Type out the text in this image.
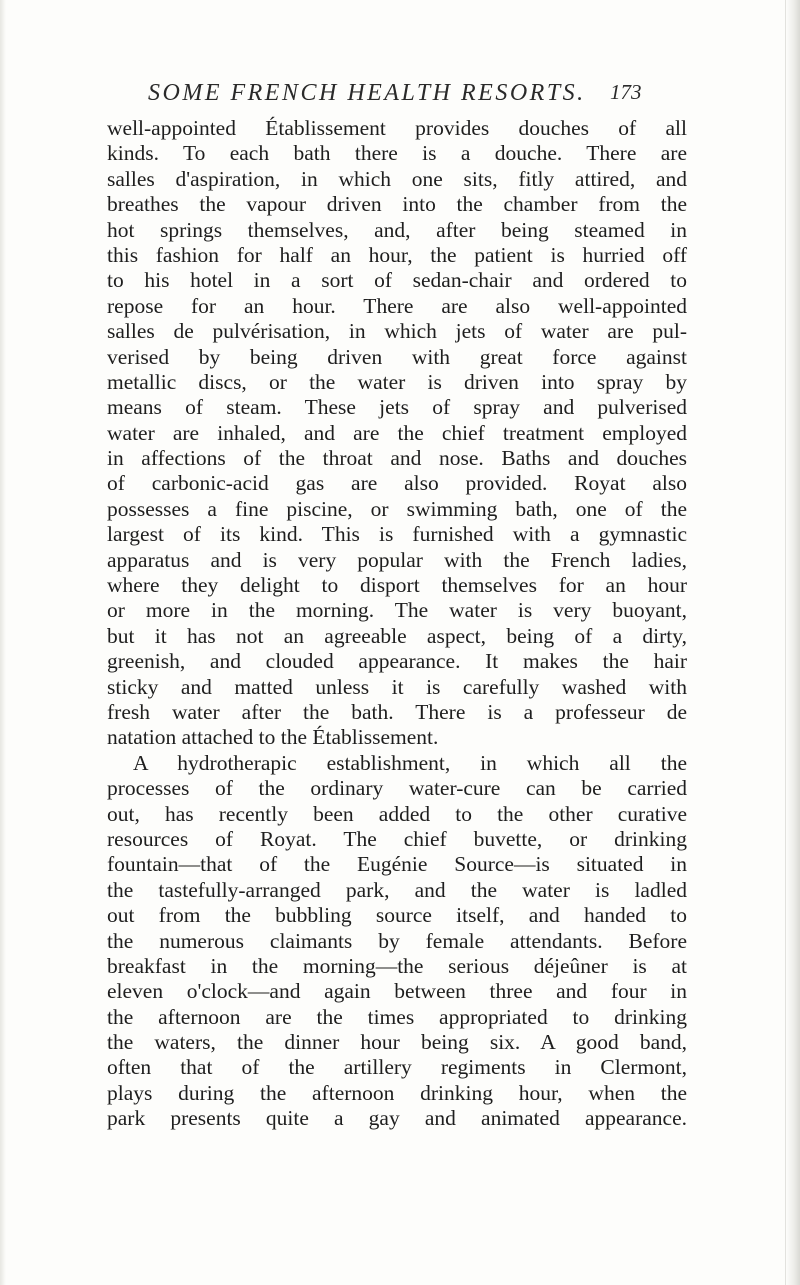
SOME FRENCH HEALTH RESORTS.	173
well-appointed Établissement provides douches of all
kinds. To each bath there is a douche. There are
salles d'aspiration, in which one sits, fitly attired, and
breathes the vapour driven into the chamber from the
hot springs themselves, and, after being steamed in
this fashion for half an hour, the patient is hurried off
to his hotel in a sort of sedan-chair and ordered to
repose for an hour. There are also well-appointed
salles de pulvérisation, in which jets of water are pul-
verised by being driven with great force against
metallic discs, or the water is driven into spray by
means of steam. These jets of spray and pulverised
water are inhaled, and are the chief treatment employed
in affections of the throat and nose. Baths and douches
of carbonic-acid gas are also provided. Royat also
possesses a fine piscine, or swimming bath, one of the
largest of its kind. This is furnished with a gymnastic
apparatus and is very popular with the French ladies,
where they delight to disport themselves for an hour
or more in the morning. The water is very buoyant,
but it has not an agreeable aspect, being of a dirty,
greenish, and clouded appearance. It makes the hair
sticky and matted unless it is carefully washed with
fresh water after the bath. There is a professeur de
natation attached to the Établissement.
A hydrotherapic establishment, in which all the
processes of the ordinary water-cure can be carried
out, has recently been added to the other curative
resources of Royat. The chief buvette, or drinking
fountain—that of the Eugénie Source—is situated in
the tastefully-arranged park, and the water is ladled
out from the bubbling source itself, and handed to
the numerous claimants by female attendants. Before
breakfast in the morning—the serious déjeûner is at
eleven o'clock—and again between three and four in
the afternoon are the times appropriated to drinking
the waters, the dinner hour being six. A good band,
often that of the artillery regiments in Clermont,
plays during the afternoon drinking hour, when the
park presents quite a gay and animated appearance.
